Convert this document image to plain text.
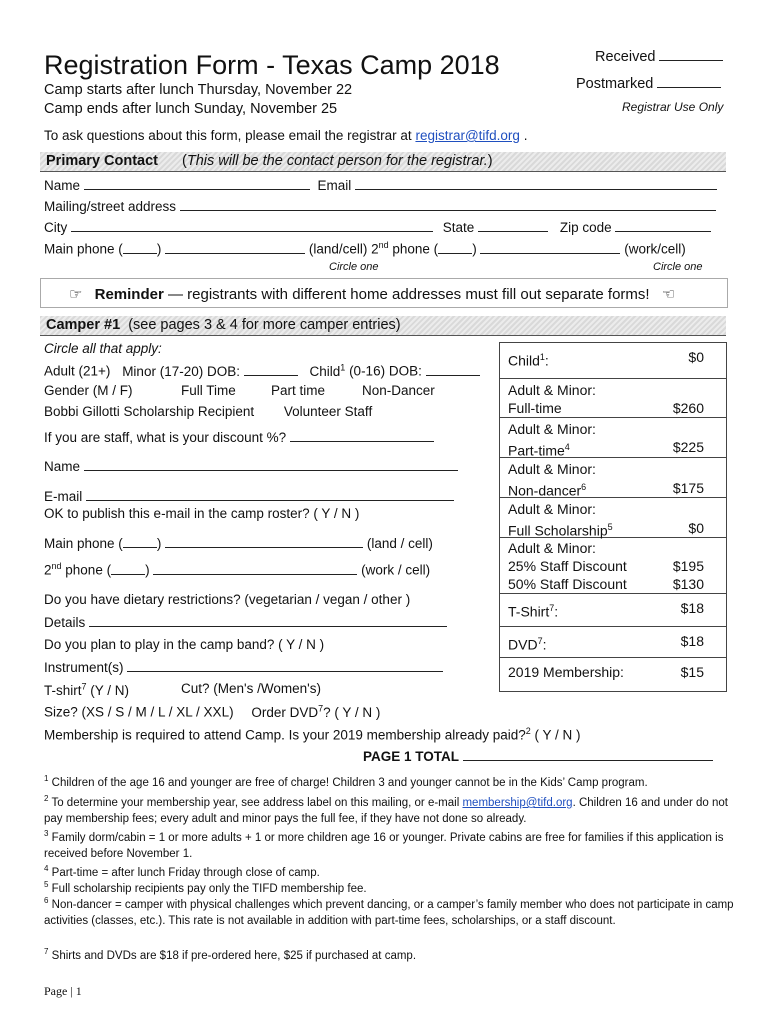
Registration Form - Texas Camp 2018
Camp starts after lunch Thursday, November 22
Camp ends after lunch Sunday, November 25
Received
Postmarked
Registrar Use Only
To ask questions about this form, please email the registrar at registrar@tifd.org .
Primary Contact (This will be the contact person for the registrar.)
Name	Email
Mailing/street address
City	State	Zip code
Main phone (	)	(land/cell) 2nd phone (	)	(work/cell)
Circle one	Circle one
☞ Reminder — registrants with different home addresses must fill out separate forms! ☜
Camper #1 (see pages 3 & 4 for more camper entries)
Circle all that apply:
Adult (21+) Minor (17-20) DOB:	Child$^1$ (0-16) DOB:
Gender (M / F)	Full Time	Part time	Non-Dancer
Bobbi Gillotti Scholarship Recipient Volunteer Staff
If you are staff, what is your discount %?
Name
E-mail
OK to publish this e-mail in the camp roster? ( Y / N )
Main phone (	)	(land / cell)
2nd phone (	)	(work / cell)
Do you have dietary restrictions? (vegetarian / vegan / other )
Details
Do you plan to play in the camp band? ( Y / N )
Instrument(s)
T-shirt$^7$ (Y / N)	Cut? (Men's /Women's)
Size? (XS / S / M / L / XL / XXL) Order DVD$^7$? ( Y / N )
Membership is required to attend Camp. Is your 2019 membership already paid?$^2$ ( Y / N )
PAGE 1 TOTAL
Child$^1$:	$0
Adult & Minor:
Full-time	$260
Adult & Minor:
Part-time$^4$	$225
Adult & Minor:
Non-dancer$^6$	$175
Adult & Minor:
Full Scholarship$^5$	$0
Adult & Minor:
25% Staff Discount	$195
50% Staff Discount	$130
T-Shirt$^7$:	$18
DVD$^7$:	$18
2019 Membership:	$15
$^1$ Children of the age 16 and younger are free of charge! Children 3 and younger cannot be in the Kids’ Camp program.
$^2$ To determine your membership year, see address label on this mailing, or e-mail membership@tifd.org. Children 16 and under do not pay membership fees; every adult and minor pays the full fee, if they have not done so already.
$^3$ Family dorm/cabin = 1 or more adults + 1 or more children age 16 or younger. Private cabins are free for families if this application is received before November 1.
$^4$ Part-time = after lunch Friday through close of camp.
$^5$ Full scholarship recipients pay only the TIFD membership fee.
$^6$ Non-dancer = camper with physical challenges which prevent dancing, or a camper’s family member who does not participate in camp activities (classes, etc.). This rate is not available in addition with part-time fees, scholarships, or a staff discount.
$^7$ Shirts and DVDs are $18 if pre-ordered here, $25 if purchased at camp.
Page | 1
